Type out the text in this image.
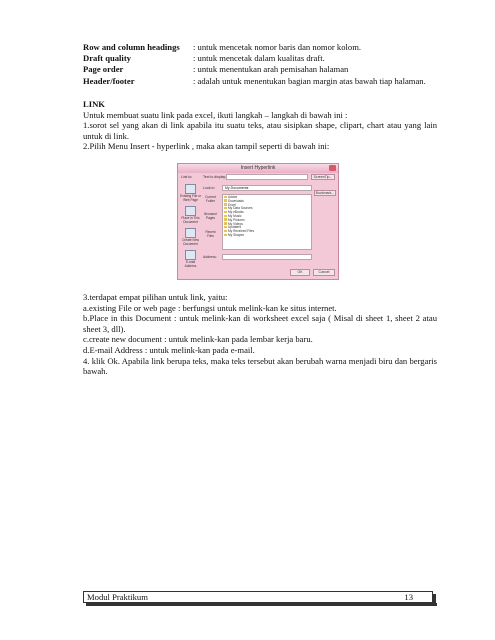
Row and column headings	: untuk mencetak nomor baris dan nomor kolom.
Draft quality	: untuk mencetak dalam kualitas draft.
Page order	: untuk menentukan arah pemisahan halaman
Header/footer	: adalah untuk menentukan bagian margin atas bawah tiap halaman.

LINK

Untuk membuat suatu link pada excel, ikuti langkah – langkah di bawah ini :

1.sorot sel yang akan di link apabila itu suatu teks, atau sisipkan shape, clipart, chart atau yang lain untuk di link.

2.Pilih Menu Insert - hyperlink , maka akan tampil seperti di bawah ini:

3.terdapat empat pilihan untuk link, yaitu:

a.existing File or web page : berfungsi untuk melink-kan ke situs internet.

b.Place in this Document : untuk melink-kan di worksheet excel saja ( Misal di sheet 1, sheet 2 atau sheet 3, dll).

c.create new document : untuk melink-kan pada lembar kerja baru.

d.E-mail Address : untuk melink-kan pada e-mail.

4. klik Ok. Apabila link berupa teks, maka teks tersebut akan berubah warna menjadi biru dan bergaris bawah.

Insert Hyperlink
Link to:	Text to display:	ScreenTip...
Existing File or Web Page
Place in This Document
Create New Document
E-mail Address
Look in:	My Documents
Bookmark...
Current Folder
Browsed Pages
Recent Files
Adobe
Downloads
Excel
My Data Sources
My eBooks
My Music
My Pictures
My Videos
Updater5
My Received Files
My Shapes
Address:
OK	Cancel
Modul Praktikum	13
